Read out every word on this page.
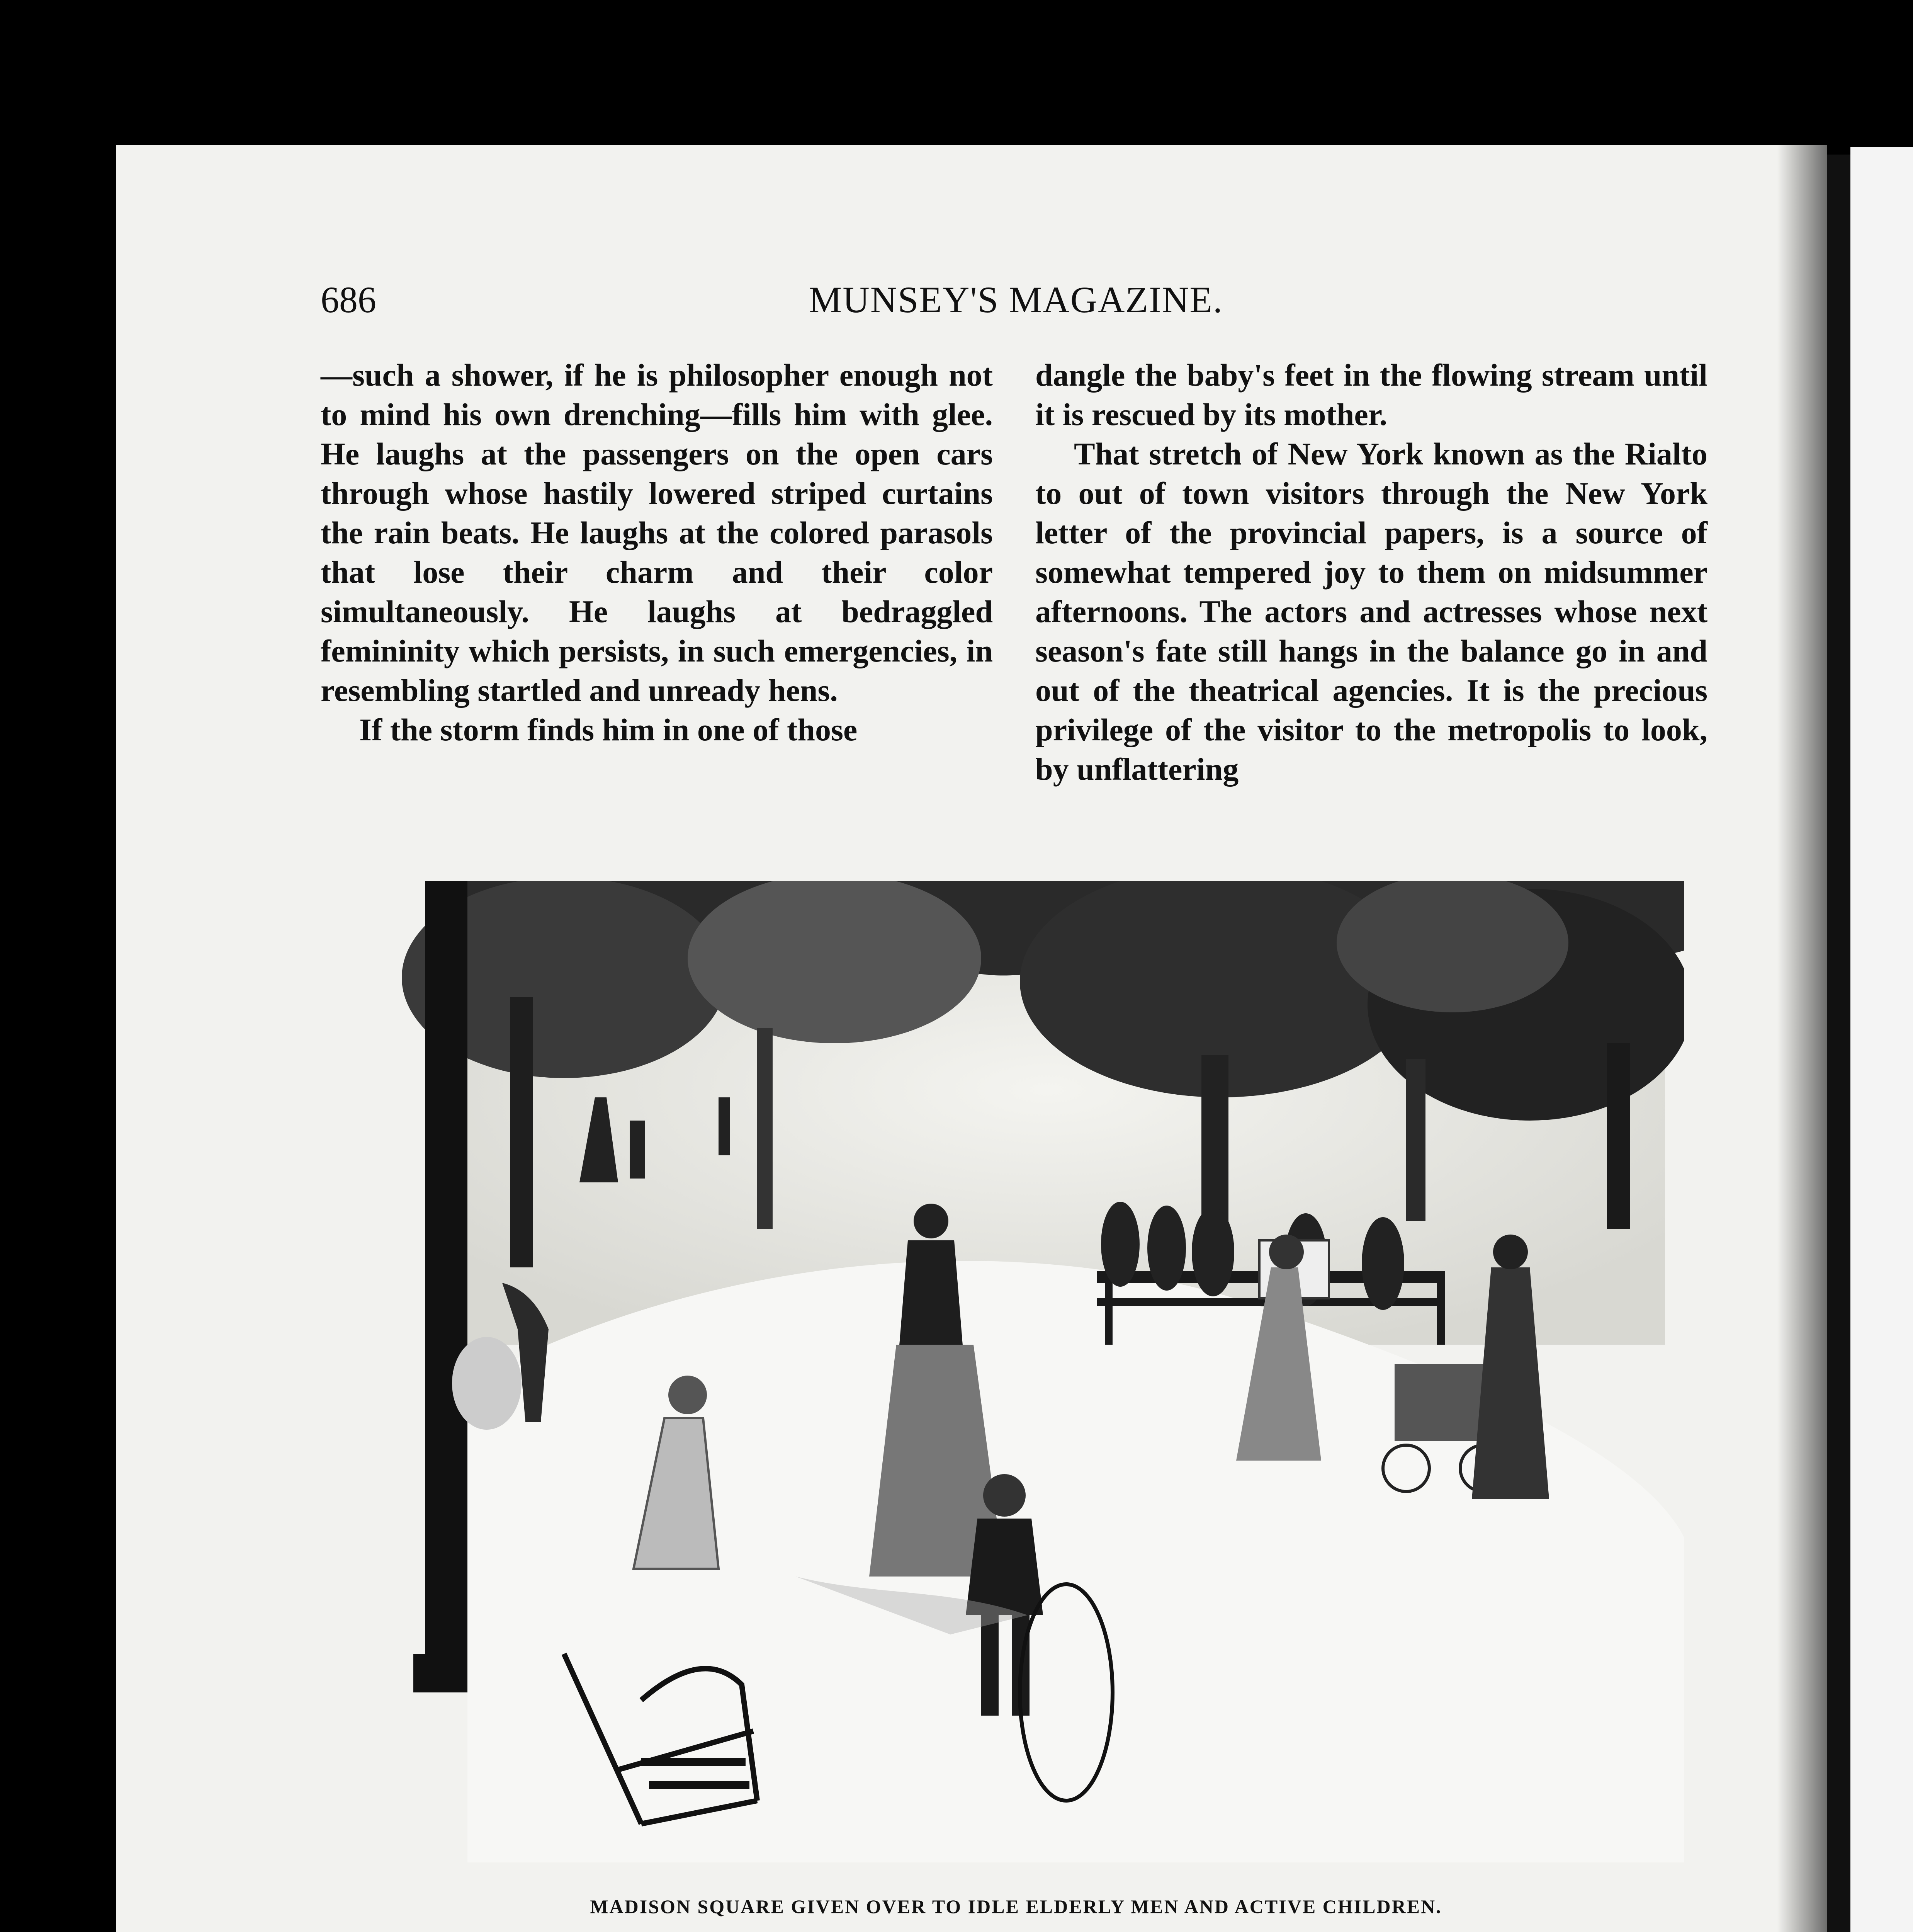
686	MUNSEY'S MAGAZINE.

—such a shower, if he is philosopher enough not to mind his own drenching—fills him with glee. He laughs at the passengers on the open cars through whose hastily lowered striped curtains the rain beats. He laughs at the colored parasols that lose their charm and their color simultaneously. He laughs at bedraggled femininity which persists, in such emergencies, in resembling startled and unready hens.

If the storm finds him in one of those

dangle the baby's feet in the flowing stream until it is rescued by its mother.

That stretch of New York known as the Rialto to out of town visitors through the New York letter of the provincial papers, is a source of somewhat tempered joy to them on midsummer afternoons. The actors and actresses whose next season's fate still hangs in the balance go in and out of the theatrical agencies. It is the precious privilege of the visitor to the metropolis to look, by unflattering

MADISON SQUARE GIVEN OVER TO IDLE ELDERLY MEN AND ACTIVE CHILDREN.
